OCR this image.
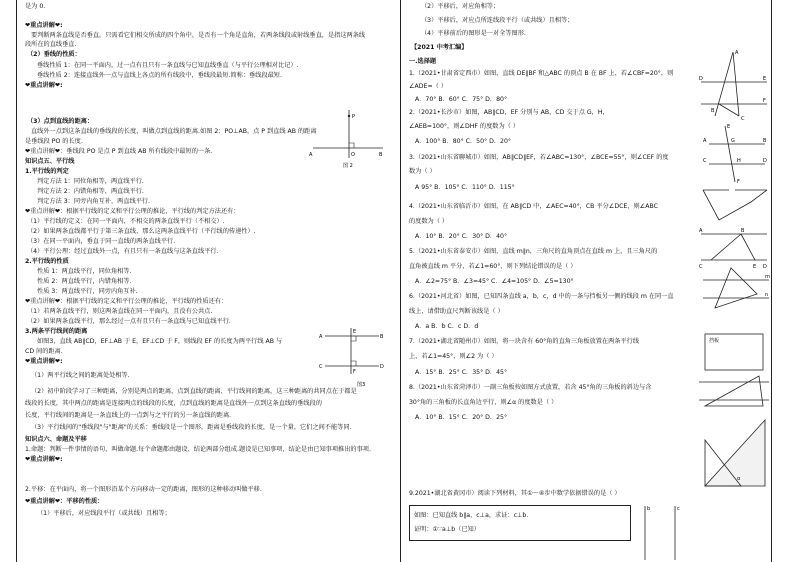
是为 0.
❤重点讲解❤:
要判断两条直线是否垂直，只需看它们相交所成的四个角中，是否有一个角是直角，若两条线段或射线垂直，是指这两条线
段所在的直线垂直.
（2）垂线的性质：
垂线性质 1：在同一平面内，过一点有且只有一条直线与已知直线垂直（与平行公理相对比记）.
垂线性质 2：连接直线外一点与直线上各点的所有线段中，垂线段最短.简称：垂线段最短.
❤重点讲解❤:
（3）点到直线的距离：
直线外一点到这条直线的垂线段的长度，叫做点到直线的距离.如图 2：PO⊥AB，点 P 到直线 AB 的距离
是垂线段 PO 的长度.
❤重点讲解❤：垂线段 PO 是点 P 到直线 AB 所有线段中最短的一条.
知识点五、平行线
1.平行线的判定
判定方法 1：同位角相等，两直线平行.
判定方法 2：内错角相等，两直线平行.
判定方法 3：同旁内角互补，两直线平行.
❤重点讲解❤：根据平行线的定义和平行公理的推论，平行线的判定方法还有：
（1）平行线的定义：在同一平面内，不相交的两条直线平行（不相交）.
（2）如果两条直线都平行于第三条直线，那么这两条直线平行（平行线的传递性）.
（3）在同一平面内，垂直于同一直线的两条直线平行.
（4）平行公理：经过直线外一点，有且只有一条直线与这条直线平行.
2.平行线的性质
性质 1：两直线平行，同位角相等.
性质 2：两直线平行，内错角相等.
性质 3：两直线平行，同旁内角互补.
❤重点讲解❤：根据平行线的定义和平行公理的推论，平行线的性质还有：
（1）若两条直线平行，则这两条直线在同一平面内，且没有公共点.
（2）如果两条直线平行，那么经过一点有且只有一条直线与已知直线平行.
3.两条平行线间的距离
如图3，直线 AB∥CD，EF⊥AB 于 E，EF⊥CD 于 F，则线段 EF 的长度为两平行线 AB 与
CD 间的距离.
❤重点讲解❤:
（1）两平行线之间的距离处处相等.
（2）初中阶段学习了三种距离，分别是两点的距离、点到直线的距离、平行线间的距离，这三种距离的共同点在于都是
线段的长度，其中两点的距离是连接两点的线段的长度，点到直线的距离是直线外一点到这条直线的垂线段的
长度，平行线间的距离是一条直线上的一点到与之平行的另一条直线的距离.
（3）平行线间的"垂线段"与"距离"的关系：垂线段是一个图形，距离是垂线段的长度，是一个量，它们之间不能等同.
知识点六、命题及平移
1.命题：判断一件事情的语句，叫做命题.每个命题都由题设、结论两部分组成.题设是已知事项，结论是由已知事项推出的事项.
❤重点讲解❤:
2.平移：在平面内，将一个图形沿某个方向移动一定的距离，图形的这种移动叫做平移.
❤重点讲解❤：平移的性质：
（1）平移后，对应线段平行（或共线）且相等；
P
A	O	B
图 2
A
E
B
C
F
D
图3
（2）平移后，对应角相等；
（3）平移后，对应点所连线段平行（或共线）且相等；
（4）平移前后的图形是一对全等图形.
【2021 中考汇编】
一.选择题
1.（2021•甘肃省定西市）如图，直线 DE∥BF 和△ABC 的顶点 B 在 BF 上，若∠CBF=20°，则
∠ADE=（ ）
A．70° B．60° C．75° D．80°
2.（2021•长沙市）如图，AB∥CD，EF 分别与 AB，CD 交于点 G，H，
∠AEB=100°，则∠DHF 的度数为（ ）
A．100° B．80° C．50° D．20°
3.（2021•山东省聊城市）如图，AB∥CD∥EF，若∠ABC=130°，∠BCE=55°，则∠CEF 的度
数为（ ）
A 95° B．105° C．110° D．115°
4.（2021•山东省临沂市）如图，在 AB∥CD 中，∠AEC=40°，CB 平分∠DCE，则∠ABC
的度数为（ ）
A．10° B．20° C．30° D．40°
5.（2021•山东省泰安市）如图，直线 m∥n，三角尺的直角顶点在直线 m 上，且三角尺的
直角被直线 m 平分，若∠1=60°，则下列结论错误的是（ ）
A．∠2=75° B．∠3=45° C．∠4=105° D．∠5=130°
6.（2021•河北省）如图，已知四条直线 a，b，c，d 中的一条与挡板另一侧的线段 m 在同一直
线上，请借助直尺判断该线是（ ）
A．a B．b C．c D．d
7.（2021•湖北省随州市）如图，将一块含有 60°角的直角三角板放置在两条平行线
上，若∠1=45°，则∠2 为（ ）
A．15° B．25° C．35° D．45°
8.（2021•山东省菏泽市）一副三角板按如图方式放置，若含 45°角的三角板的斜边与含
30°角的三角板的长直角边平行，则∠α 的度数是（ ）
A．10° B．15° C．20° D．25°
9.2021•湖北省黄冈市）阅读下列材料，其①～④步中数学依据错误的是（ ）
A
D	E
B
C
F
A
C
G
H
B
D
E
F
A	B
C	D
E
m
n
挡板
α
如图：已知直线 b∥a，c⊥a，求证：c⊥b.
证明：①∵a⊥b（已知）
b	c
